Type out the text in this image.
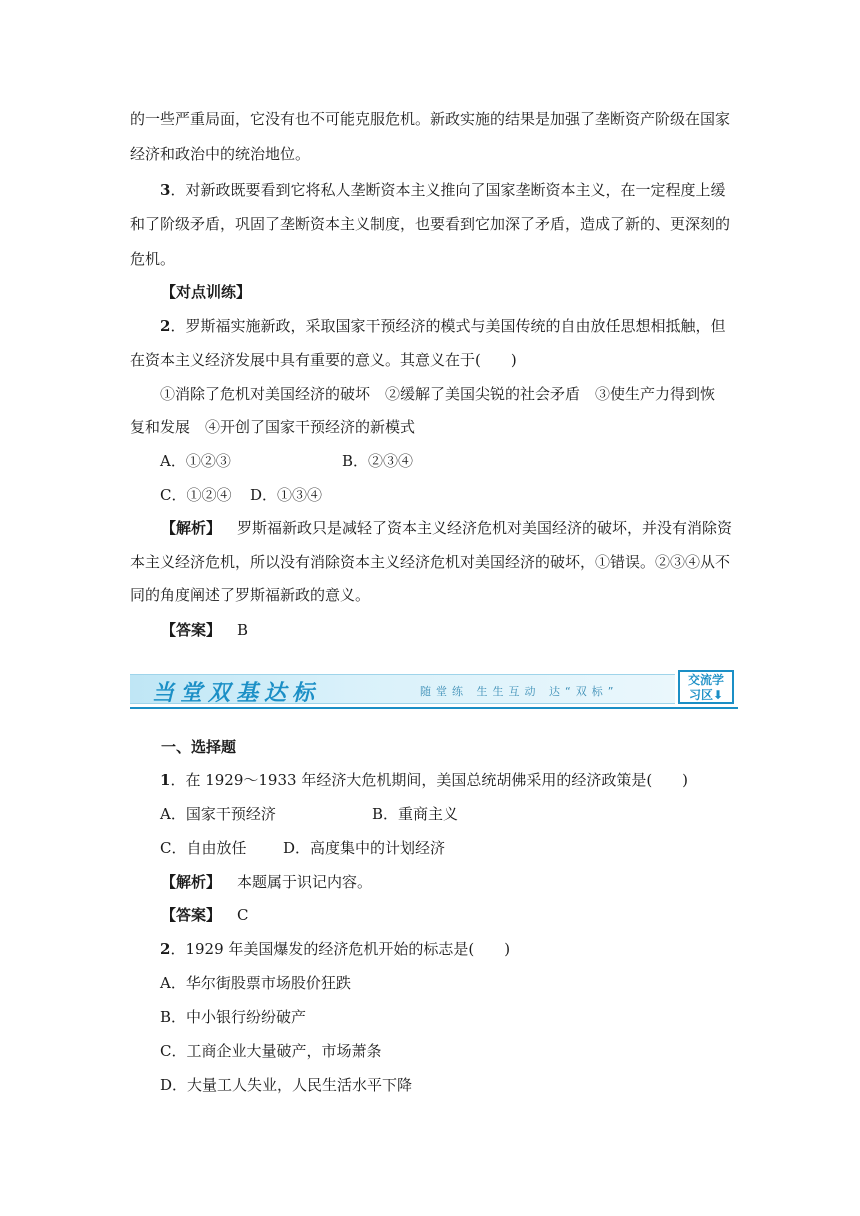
的一些严重局面，它没有也不可能克服危机。新政实施的结果是加强了垄断资产阶级在国家
经济和政治中的统治地位。
3．对新政既要看到它将私人垄断资本主义推向了国家垄断资本主义，在一定程度上缓
和了阶级矛盾，巩固了垄断资本主义制度，也要看到它加深了矛盾，造成了新的、更深刻的
危机。
【对点训练】
2．罗斯福实施新政，采取国家干预经济的模式与美国传统的自由放任思想相抵触，但
在资本主义经济发展中具有重要的意义。其意义在于(　　)
①消除了危机对美国经济的破坏　②缓解了美国尖锐的社会矛盾　③使生产力得到恢
复和发展　④开创了国家干预经济的新模式
A．①②③	B．②③④
C．①②④ D．①③④
【解析】 罗斯福新政只是减轻了资本主义经济危机对美国经济的破坏，并没有消除资
本主义经济危机，所以没有消除资本主义经济危机对美国经济的破坏，①错误。②③④从不
同的角度阐述了罗斯福新政的意义。
【答案】 B
当堂双基达标	随堂练 生生互动 达“双标”
交流学
习区⬇
一、选择题
1．在 1929～1933 年经济大危机期间，美国总统胡佛采用的经济政策是(　　)
A．国家干预经济	B．重商主义
C．自由放任 D．高度集中的计划经济
【解析】 本题属于识记内容。
【答案】 C
2．1929 年美国爆发的经济危机开始的标志是(　　)
A．华尔街股票市场股价狂跌
B．中小银行纷纷破产
C．工商企业大量破产，市场萧条
D．大量工人失业，人民生活水平下降
